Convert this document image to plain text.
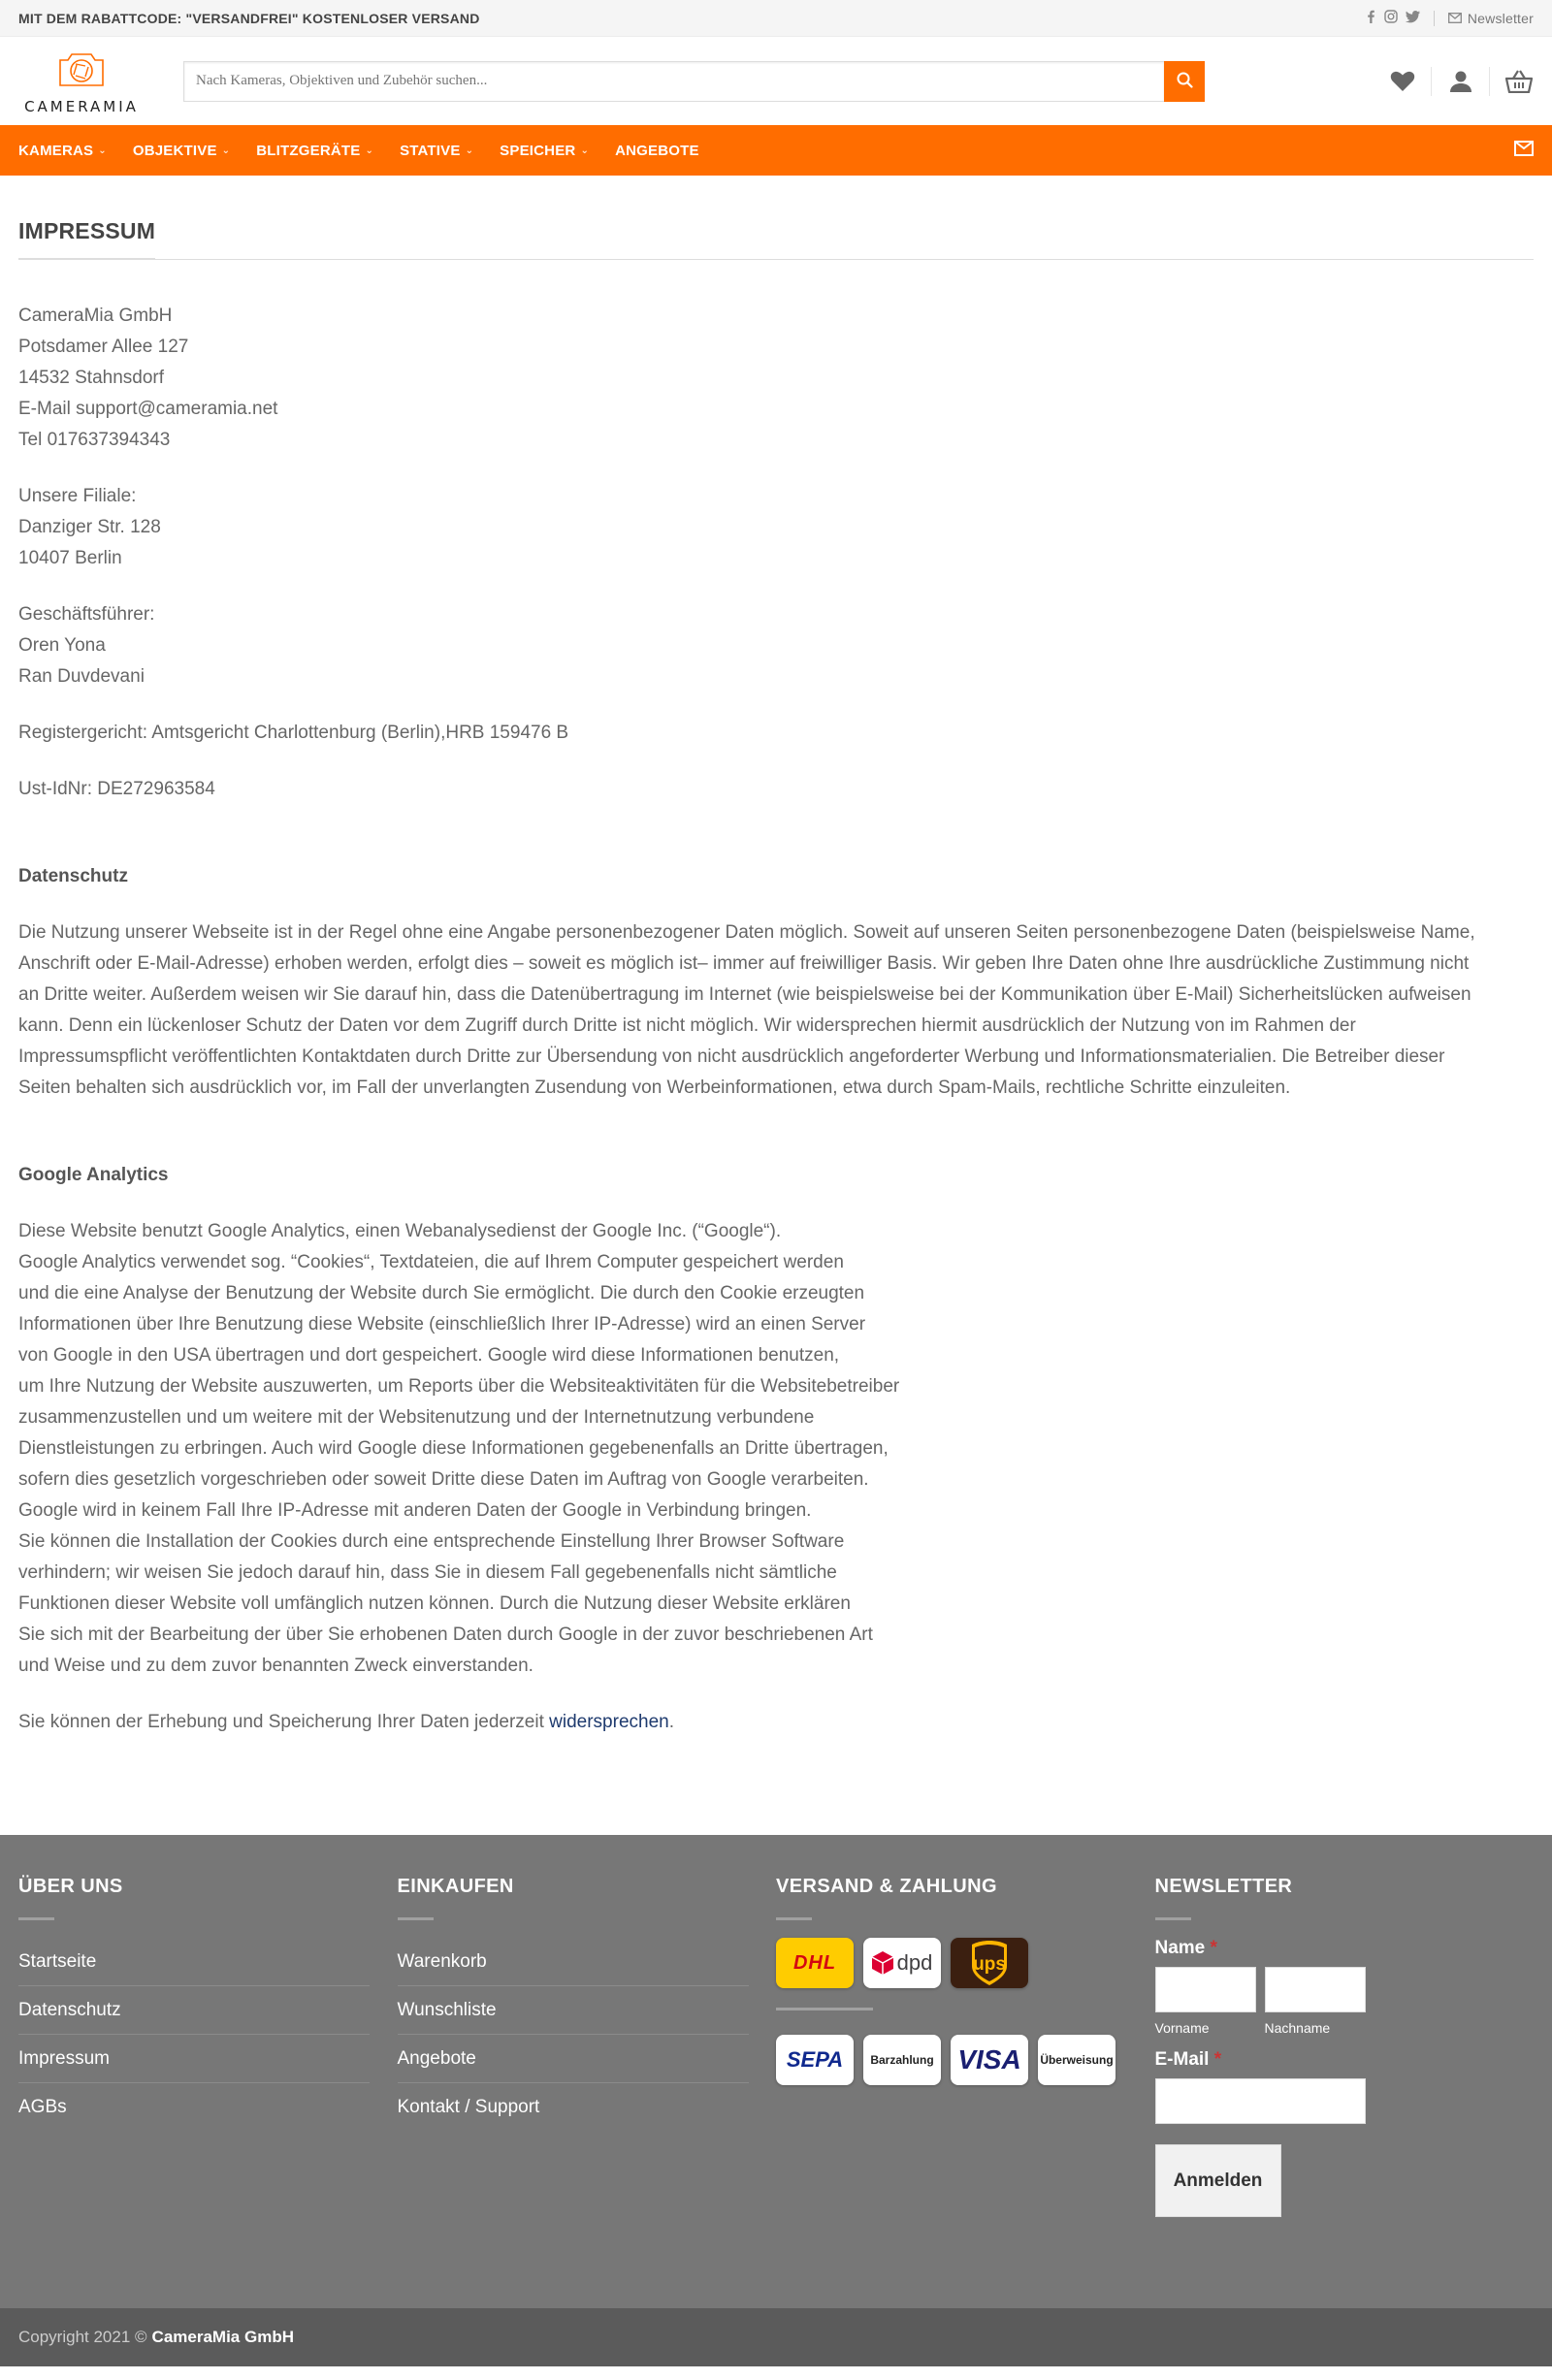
MIT DEM RABATTCODE: "VERSANDFREI" KOSTENLOSER VERSAND	Newsletter
CAMERAMIA
Nach Kameras, Objektiven und Zubehör suchen...
KAMERAS ⌄ OBJEKTIVE ⌄ BLITZGERÄTE ⌄ STATIVE ⌄ SPEICHER ⌄ ANGEBOTE
IMPRESSUM
CameraMia GmbH
Potsdamer Allee 127
14532 Stahnsdorf
E-Mail support@cameramia.net
Tel 017637394343
Unsere Filiale:
Danziger Str. 128
10407 Berlin
Geschäftsführer:
Oren Yona
Ran Duvdevani
Registergericht: Amtsgericht Charlottenburg (Berlin),HRB 159476 B
Ust-IdNr: DE272963584
Datenschutz
Die Nutzung unserer Webseite ist in der Regel ohne eine Angabe personenbezogener Daten möglich. Soweit auf unseren Seiten personenbezogene Daten (beispielsweise Name,
Anschrift oder E-Mail-Adresse) erhoben werden, erfolgt dies – soweit es möglich ist– immer auf freiwilliger Basis. Wir geben Ihre Daten ohne Ihre ausdrückliche Zustimmung nicht
an Dritte weiter. Außerdem weisen wir Sie darauf hin, dass die Datenübertragung im Internet (wie beispielsweise bei der Kommunikation über E-Mail) Sicherheitslücken aufweisen
kann. Denn ein lückenloser Schutz der Daten vor dem Zugriff durch Dritte ist nicht möglich. Wir widersprechen hiermit ausdrücklich der Nutzung von im Rahmen der
Impressumspflicht veröffentlichten Kontaktdaten durch Dritte zur Übersendung von nicht ausdrücklich angeforderter Werbung und Informationsmaterialien. Die Betreiber dieser
Seiten behalten sich ausdrücklich vor, im Fall der unverlangten Zusendung von Werbeinformationen, etwa durch Spam-Mails, rechtliche Schritte einzuleiten.
Google Analytics
Diese Website benutzt Google Analytics, einen Webanalysedienst der Google Inc. (“Google“).
Google Analytics verwendet sog. “Cookies“, Textdateien, die auf Ihrem Computer gespeichert werden
und die eine Analyse der Benutzung der Website durch Sie ermöglicht. Die durch den Cookie erzeugten
Informationen über Ihre Benutzung diese Website (einschließlich Ihrer IP-Adresse) wird an einen Server
von Google in den USA übertragen und dort gespeichert. Google wird diese Informationen benutzen,
um Ihre Nutzung der Website auszuwerten, um Reports über die Websiteaktivitäten für die Websitebetreiber
zusammenzustellen und um weitere mit der Websitenutzung und der Internetnutzung verbundene
Dienstleistungen zu erbringen. Auch wird Google diese Informationen gegebenenfalls an Dritte übertragen,
sofern dies gesetzlich vorgeschrieben oder soweit Dritte diese Daten im Auftrag von Google verarbeiten.
Google wird in keinem Fall Ihre IP-Adresse mit anderen Daten der Google in Verbindung bringen.
Sie können die Installation der Cookies durch eine entsprechende Einstellung Ihrer Browser Software
verhindern; wir weisen Sie jedoch darauf hin, dass Sie in diesem Fall gegebenenfalls nicht sämtliche
Funktionen dieser Website voll umfänglich nutzen können. Durch die Nutzung dieser Website erklären
Sie sich mit der Bearbeitung der über Sie erhobenen Daten durch Google in der zuvor beschriebenen Art
und Weise und zu dem zuvor benannten Zweck einverstanden.
Sie können der Erhebung und Speicherung Ihrer Daten jederzeit widersprechen.
ÜBER UNS
Startseite
Datenschutz
Impressum
AGBs
EINKAUFEN
Warenkorb
Wunschliste
Angebote
Kontakt / Support
VERSAND & ZAHLUNG
DHL	dpd ups
SEPA Barzahlung VISA Überweisung
NEWSLETTER
Name *
Vorname	Nachname
E-Mail *
Anmelden
Copyright 2021 © CameraMia GmbH
